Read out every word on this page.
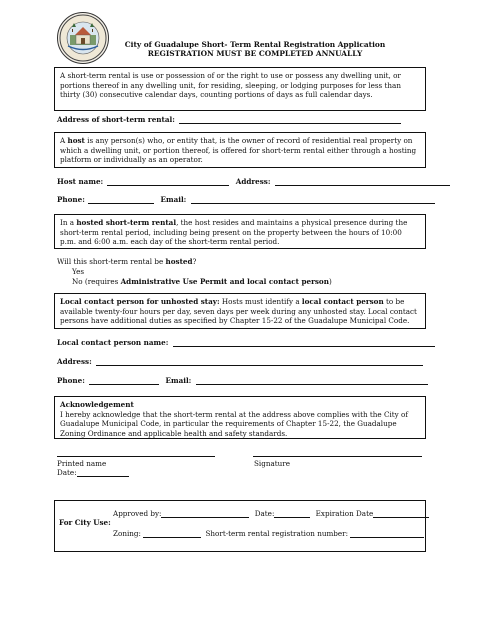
City of Guadalupe Short- Term Rental Registration Application
REGISTRATION MUST BE COMPLETED ANNUALLY
A short-term rental is use or possession of or the right to use or possess any dwelling unit, or portions thereof in any dwelling unit, for residing, sleeping, or lodging purposes for less than thirty (30) consecutive calendar days, counting portions of days as full calendar days.
Address of short-term rental:
A host is any person(s) who, or entity that, is the owner of record of residential real property on which a dwelling unit, or portion thereof, is offered for short-term rental either through a hosting platform or individually as an operator.
Host name:	Address:
Phone:	Email:
In a hosted short-term rental, the host resides and maintains a physical presence during the short-term rental period, including being present on the property between the hours of 10:00 p.m. and 6:00 a.m. each day of the short-term rental period.
Will this short-term rental be hosted?
Yes
No (requires Administrative Use Permit and local contact person)
Local contact person for unhosted stay: Hosts must identify a local contact person to be available twenty-four hours per day, seven days per week during any unhosted stay. Local contact persons have additional duties as specified by Chapter 15-22 of the Guadalupe Municipal Code.
Local contact person name:
Address:
Phone:	Email:
Acknowledgement
I hereby acknowledge that the short-term rental at the address above complies with the City of Guadalupe Municipal Code, in particular the requirements of Chapter 15-22, the Guadalupe Zoning Ordinance and applicable health and safety standards.
Printed name	Signature
Date:
For City Use:
Approved by:	Date:	Expiration Date
Zoning:	Short-term rental registration number:
